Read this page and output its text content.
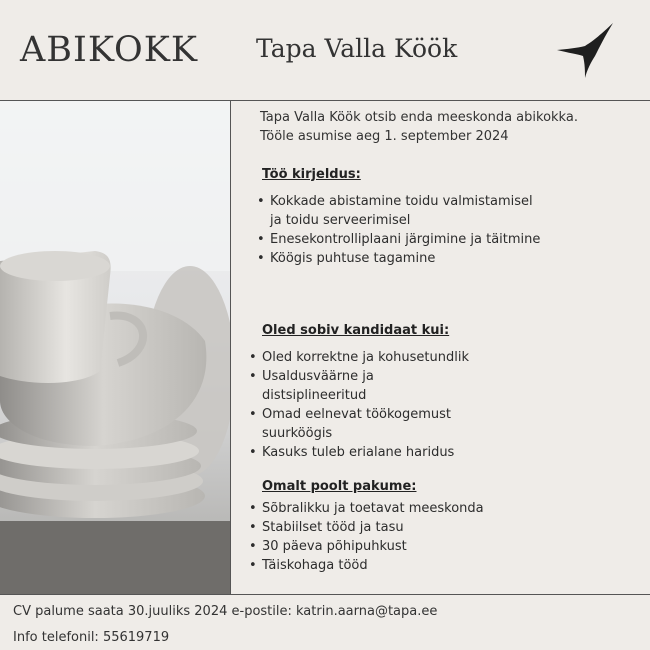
ABIKOKK Tapa Valla Köök
Tapa Valla Köök otsib enda meeskonda abikokka.
Tööle asumise aeg 1. september 2024
Töö kirjeldus:
• Kokkade abistamine toidu valmistamisel ja toidu serveerimisel
• Enesekontrolliplaani järgimine ja täitmine
• Köögis puhtuse tagamine
Oled sobiv kandidaat kui:
• Oled korrektne ja kohusetundlik
• Usaldusväärne ja distsiplineeritud
• Omad eelnevat töökogemust suurköögis
• Kasuks tuleb erialane haridus
Omalt poolt pakume:
• Sõbralikku ja toetavat meeskonda
• Stabiilset tööd ja tasu
• 30 päeva põhipuhkust
• Täiskohaga tööd
CV palume saata 30.juuliks 2024 e-postile: katrin.aarna@tapa.ee
Info telefonil: 55619719
